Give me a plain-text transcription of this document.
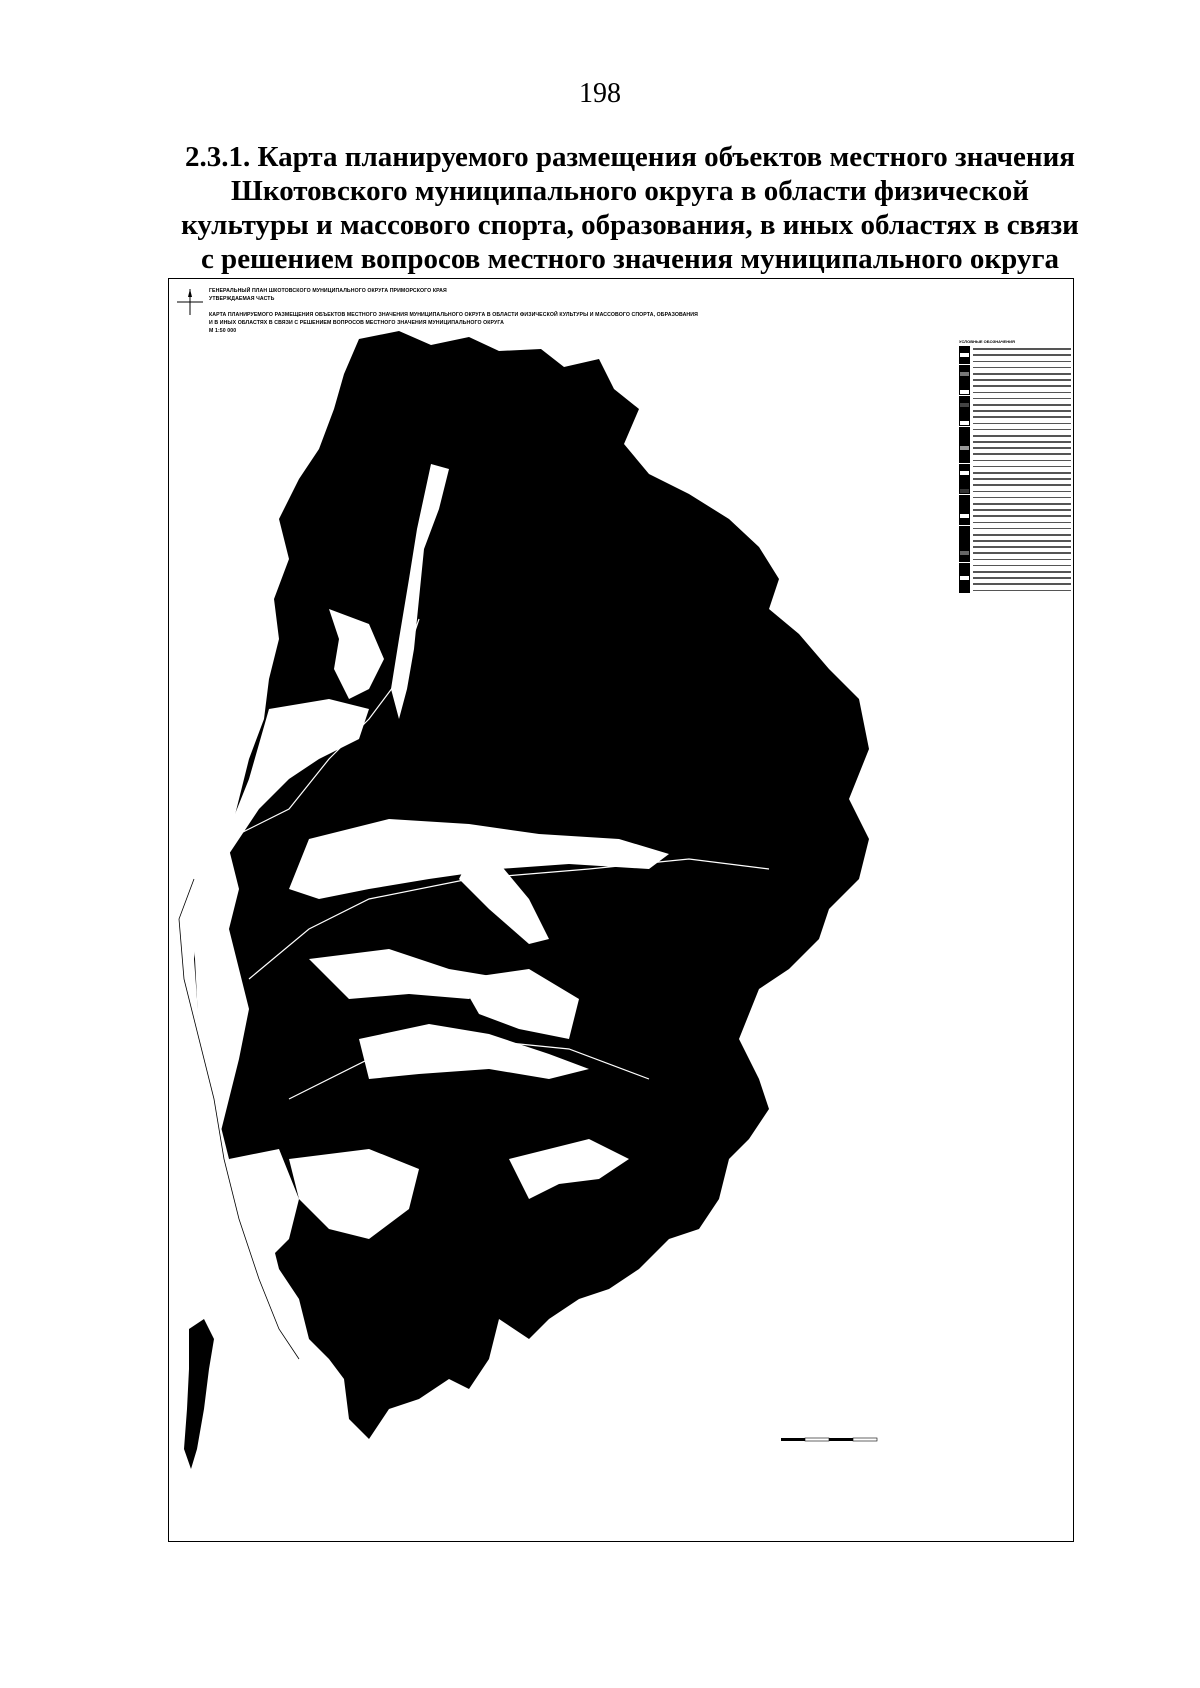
198
2.3.1. Карта планируемого размещения объектов местного значения
Шкотовского муниципального округа в области физической
культуры и массового спорта, образования, в иных областях в связи
с решением вопросов местного значения муниципального округа
ГЕНЕРАЛЬНЫЙ ПЛАН ШКОТОВСКОГО МУНИЦИПАЛЬНОГО ОКРУГА ПРИМОРСКОГО КРАЯ
УТВЕРЖДАЕМАЯ ЧАСТЬ
КАРТА ПЛАНИРУЕМОГО РАЗМЕЩЕНИЯ ОБЪЕКТОВ МЕСТНОГО ЗНАЧЕНИЯ МУНИЦИПАЛЬНОГО ОКРУГА В ОБЛАСТИ ФИЗИЧЕСКОЙ КУЛЬТУРЫ И МАССОВОГО СПОРТА, ОБРАЗОВАНИЯ
И В ИНЫХ ОБЛАСТЯХ В СВЯЗИ С РЕШЕНИЕМ ВОПРОСОВ МЕСТНОГО ЗНАЧЕНИЯ МУНИЦИПАЛЬНОГО ОКРУГА
М 1:50 000
УСЛОВНЫЕ ОБОЗНАЧЕНИЯ
